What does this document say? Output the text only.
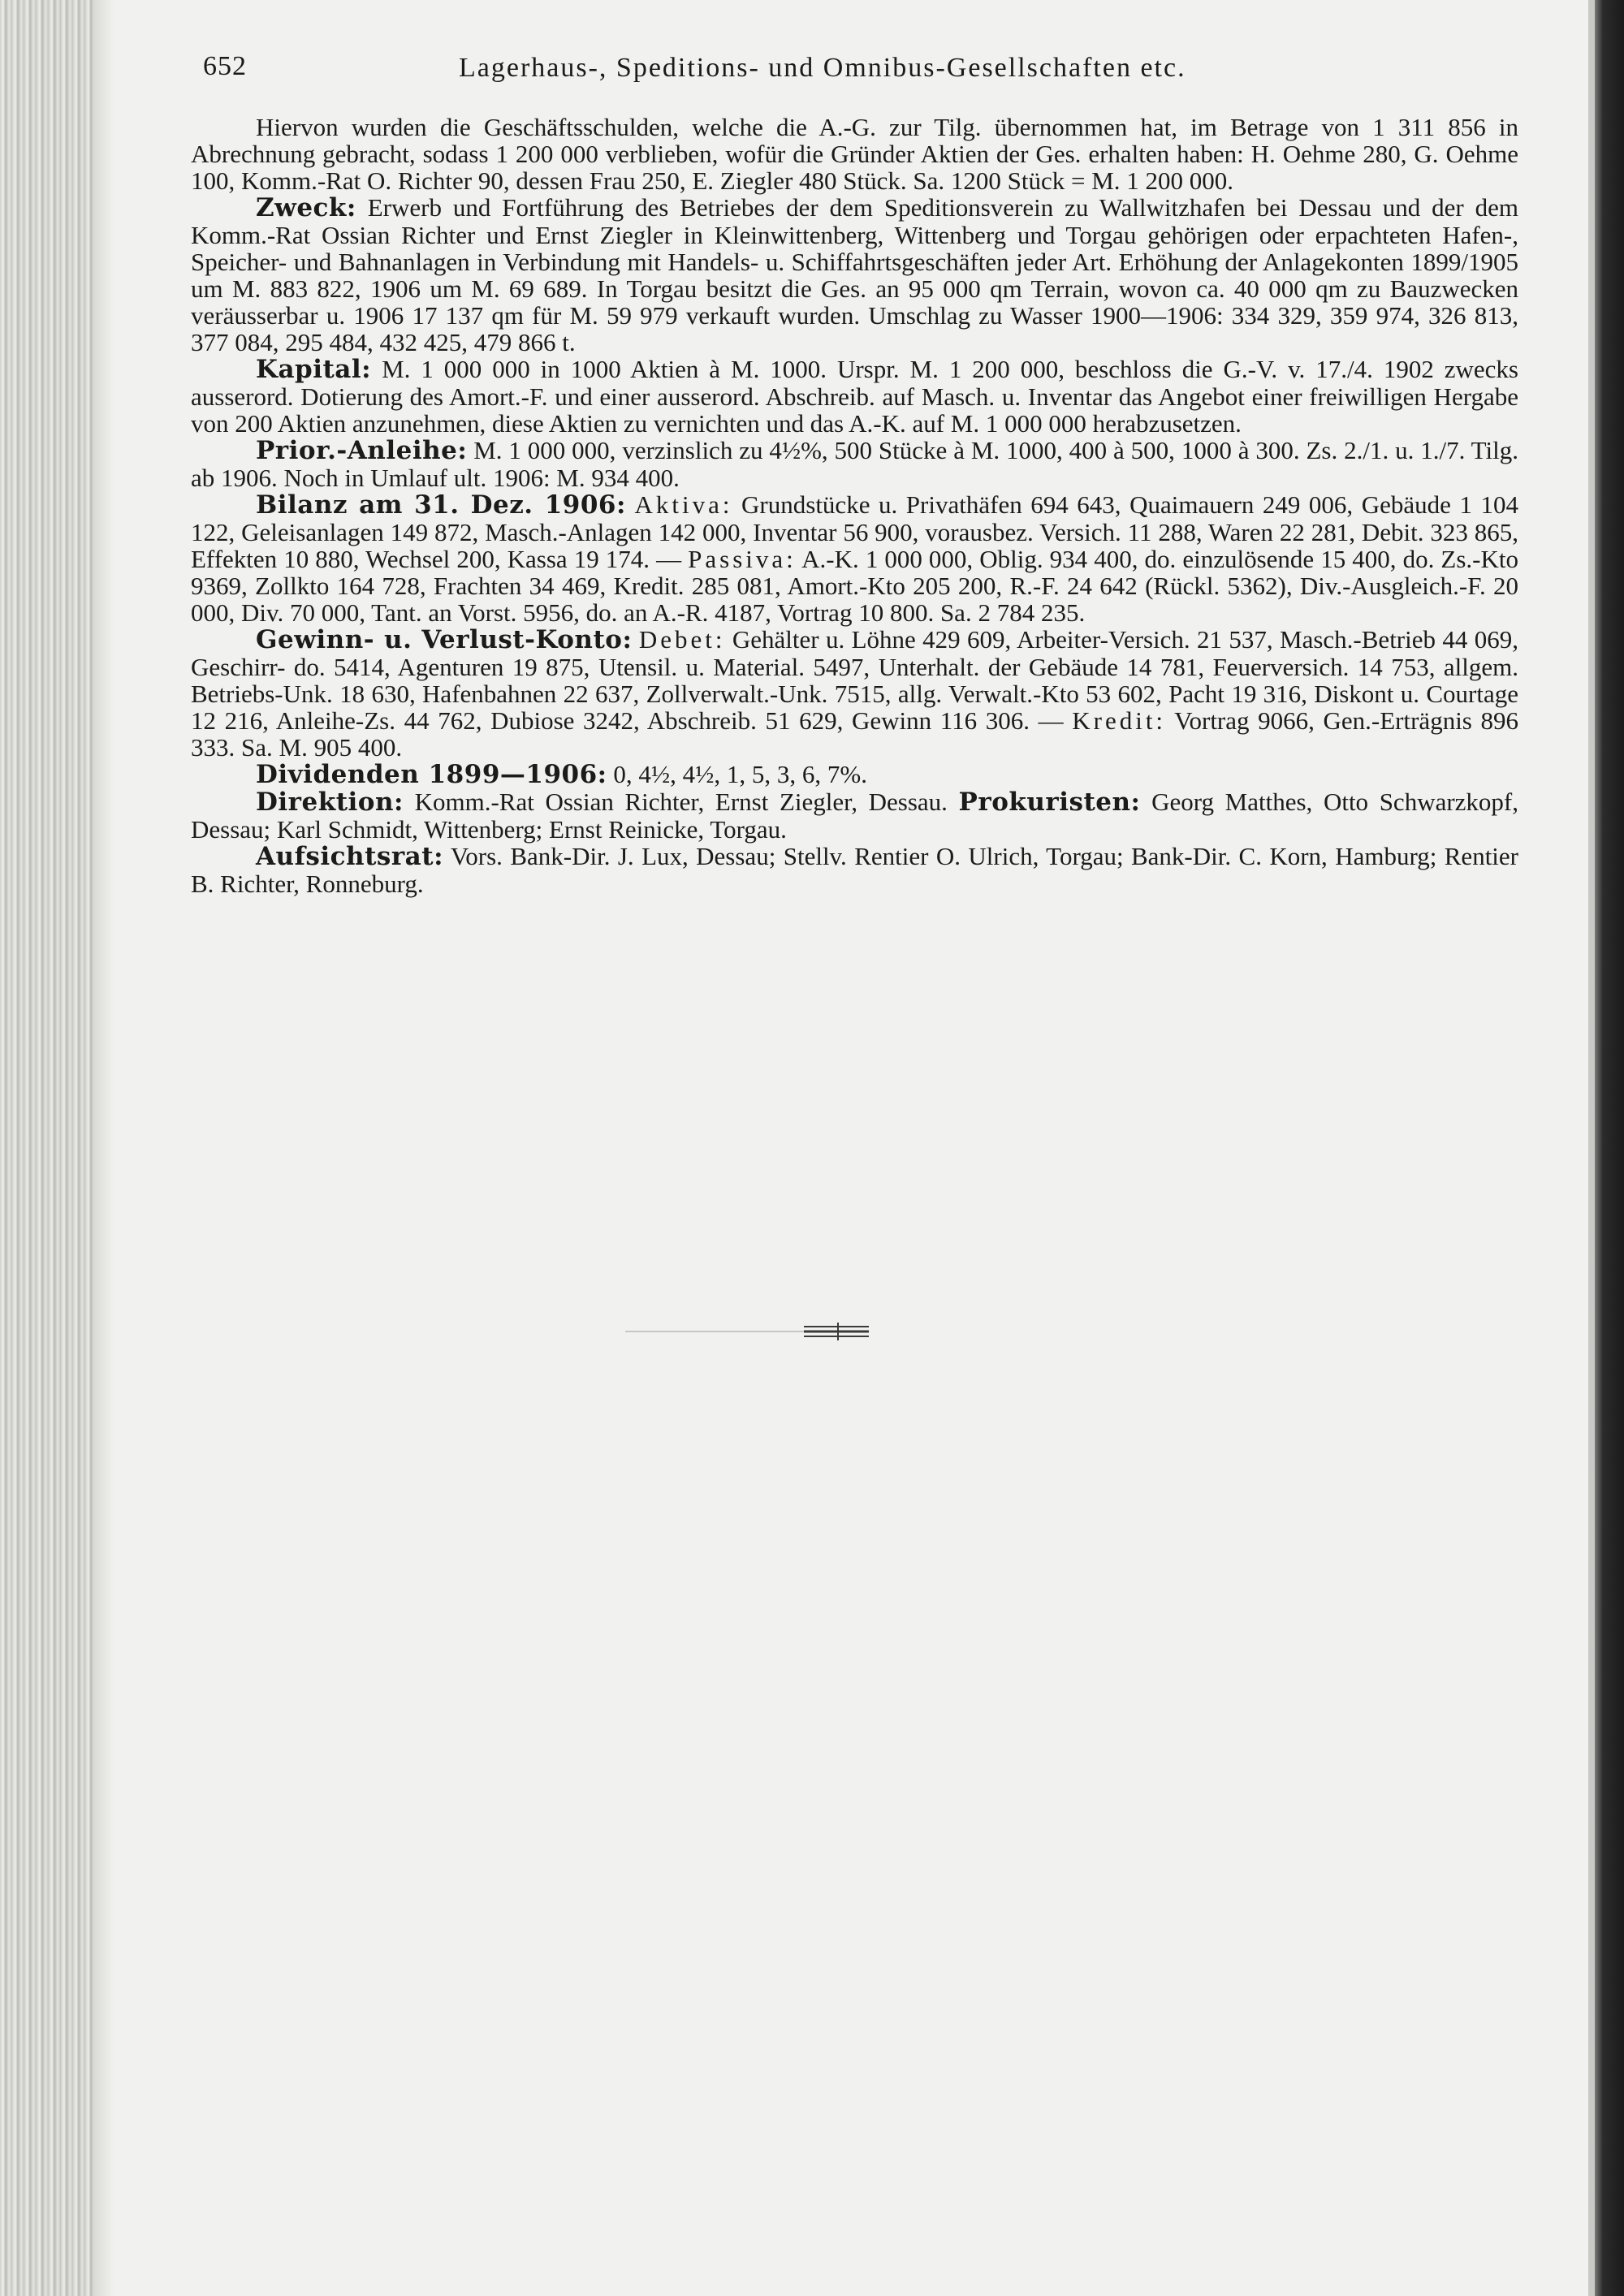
652	Lagerhaus-, Speditions- und Omnibus-Gesellschaften etc.

Hiervon wurden die Geschäftsschulden, welche die A.-G. zur Tilg. übernommen hat, im Betrage von 1 311 856 in Abrechnung gebracht, sodass 1 200 000 verblieben, wofür die Gründer Aktien der Ges. erhalten haben: H. Oehme 280, G. Oehme 100, Komm.-Rat O. Richter 90, dessen Frau 250, E. Ziegler 480 Stück. Sa. 1200 Stück = M. 1 200 000.

Zweck: Erwerb und Fortführung des Betriebes der dem Speditionsverein zu Wallwitzhafen bei Dessau und der dem Komm.-Rat Ossian Richter und Ernst Ziegler in Kleinwittenberg, Wittenberg und Torgau gehörigen oder erpachteten Hafen-, Speicher- und Bahnanlagen in Verbindung mit Handels- u. Schiffahrtsgeschäften jeder Art. Erhöhung der Anlagekonten 1899/1905 um M. 883 822, 1906 um M. 69 689. In Torgau besitzt die Ges. an 95 000 qm Terrain, wovon ca. 40 000 qm zu Bauzwecken veräusserbar u. 1906 17 137 qm für M. 59 979 verkauft wurden. Umschlag zu Wasser 1900—1906: 334 329, 359 974, 326 813, 377 084, 295 484, 432 425, 479 866 t.

Kapital: M. 1 000 000 in 1000 Aktien à M. 1000. Urspr. M. 1 200 000, beschloss die G.-V. v. 17./4. 1902 zwecks ausserord. Dotierung des Amort.-F. und einer ausserord. Abschreib. auf Masch. u. Inventar das Angebot einer freiwilligen Hergabe von 200 Aktien anzunehmen, diese Aktien zu vernichten und das A.-K. auf M. 1 000 000 herabzusetzen.

Prior.-Anleihe: M. 1 000 000, verzinslich zu 4½%, 500 Stücke à M. 1000, 400 à 500, 1000 à 300. Zs. 2./1. u. 1./7. Tilg. ab 1906. Noch in Umlauf ult. 1906: M. 934 400.

Bilanz am 31. Dez. 1906: Aktiva: Grundstücke u. Privathäfen 694 643, Quaimauern 249 006, Gebäude 1 104 122, Geleisanlagen 149 872, Masch.-Anlagen 142 000, Inventar 56 900, vorausbez. Versich. 11 288, Waren 22 281, Debit. 323 865, Effekten 10 880, Wechsel 200, Kassa 19 174. — Passiva: A.-K. 1 000 000, Oblig. 934 400, do. einzulösende 15 400, do. Zs.-Kto 9369, Zollkto 164 728, Frachten 34 469, Kredit. 285 081, Amort.-Kto 205 200, R.-F. 24 642 (Rückl. 5362), Div.-Ausgleich.-F. 20 000, Div. 70 000, Tant. an Vorst. 5956, do. an A.-R. 4187, Vortrag 10 800. Sa. 2 784 235.

Gewinn- u. Verlust-Konto: Debet: Gehälter u. Löhne 429 609, Arbeiter-Versich. 21 537, Masch.-Betrieb 44 069, Geschirr- do. 5414, Agenturen 19 875, Utensil. u. Material. 5497, Unterhalt. der Gebäude 14 781, Feuerversich. 14 753, allgem. Betriebs-Unk. 18 630, Hafenbahnen 22 637, Zollverwalt.-Unk. 7515, allg. Verwalt.-Kto 53 602, Pacht 19 316, Diskont u. Courtage 12 216, Anleihe-Zs. 44 762, Dubiose 3242, Abschreib. 51 629, Gewinn 116 306. — Kredit: Vortrag 9066, Gen.-Erträgnis 896 333. Sa. M. 905 400.

Dividenden 1899—1906: 0, 4½, 4½, 1, 5, 3, 6, 7%.

Direktion: Komm.-Rat Ossian Richter, Ernst Ziegler, Dessau. Prokuristen: Georg Matthes, Otto Schwarzkopf, Dessau; Karl Schmidt, Wittenberg; Ernst Reinicke, Torgau.

Aufsichtsrat: Vors. Bank-Dir. J. Lux, Dessau; Stellv. Rentier O. Ulrich, Torgau; Bank-Dir. C. Korn, Hamburg; Rentier B. Richter, Ronneburg.
